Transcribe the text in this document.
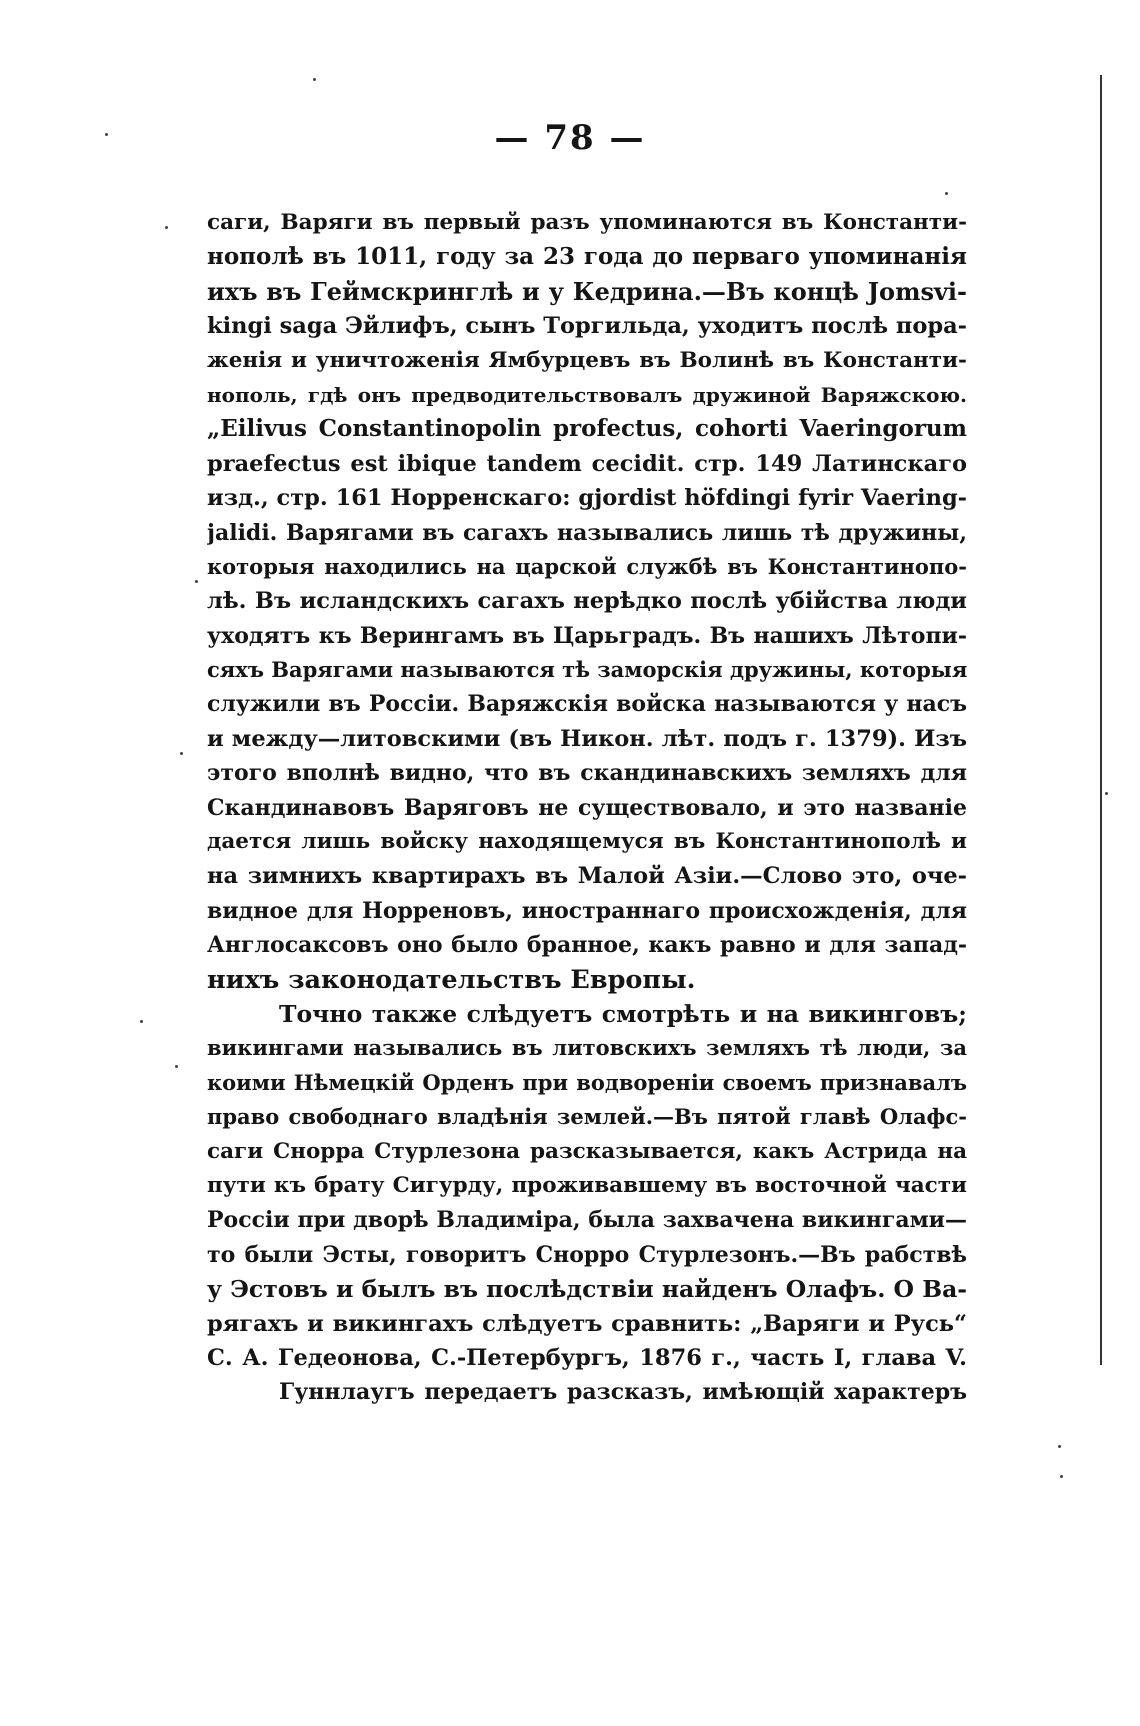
— 78 —
саги, Варяги въ первый разъ упоминаются въ Константи-
нополѣ въ 1011, году за 23 года до перваго упоминанія
ихъ въ Геймскринглѣ и у Кедрина.—Въ концѣ Jomsvi-
kingi saga Эйлифъ, сынъ Торгильда, уходитъ послѣ пора-
женія и уничтоженія Ямбурцевъ въ Волинѣ въ Константи-
нополь, гдѣ онъ предводительствовалъ дружиной Варяжскою.
„Eilivus Constantinopolin profectus, cohorti Vaeringorum
praefectus est ibique tandem cecidit. стр. 149 Латинскаго
изд., стр. 161 Норренскаго: gjordist höfdingi fyrir Vaering-
jalidi. Варягами въ сагахъ назывались лишь тѣ дружины,
которыя находились на царской службѣ въ Константинопо-
лѣ. Въ исландскихъ сагахъ нерѣдко послѣ убійства люди
уходятъ къ Верингамъ въ Царьградъ. Въ нашихъ Лѣтопи-
сяхъ Варягами называются тѣ заморскія дружины, которыя
служили въ Россіи. Варяжскія войска называются у насъ
и между—литовскими (въ Никон. лѣт. подъ г. 1379). Изъ
этого вполнѣ видно, что въ скандинавскихъ земляхъ для
Скандинавовъ Варяговъ не существовало, и это названіе
дается лишь войску находящемуся въ Константинополѣ и
на зимнихъ квартирахъ въ Малой Азіи.—Слово это, оче-
видное для Норреновъ, иностраннаго происхожденія, для
Англосаксовъ оно было бранное, какъ равно и для запад-
нихъ законодательствъ Европы.
Точно также слѣдуетъ смотрѣть и на викинговъ;
викингами назывались въ литовскихъ земляхъ тѣ люди, за
коими Нѣмецкій Орденъ при водвореніи своемъ признавалъ
право свободнаго владѣнія землей.—Въ пятой главѣ Олафс-
саги Снорра Стурлезона разсказывается, какъ Астрида на
пути къ брату Сигурду, проживавшему въ восточной части
Россіи при дворѣ Владиміра, была захвачена викингами—
то были Эсты, говоритъ Снорро Стурлезонъ.—Въ рабствѣ
у Эстовъ и былъ въ послѣдствіи найденъ Олафъ. О Ва-
рягахъ и викингахъ слѣдуетъ сравнить: „Варяги и Русь“
С. А. Гедеонова, С.-Петербургъ, 1876 г., часть I, глава V.
Гуннлаугъ передаетъ разсказъ, имѣющій характеръ
